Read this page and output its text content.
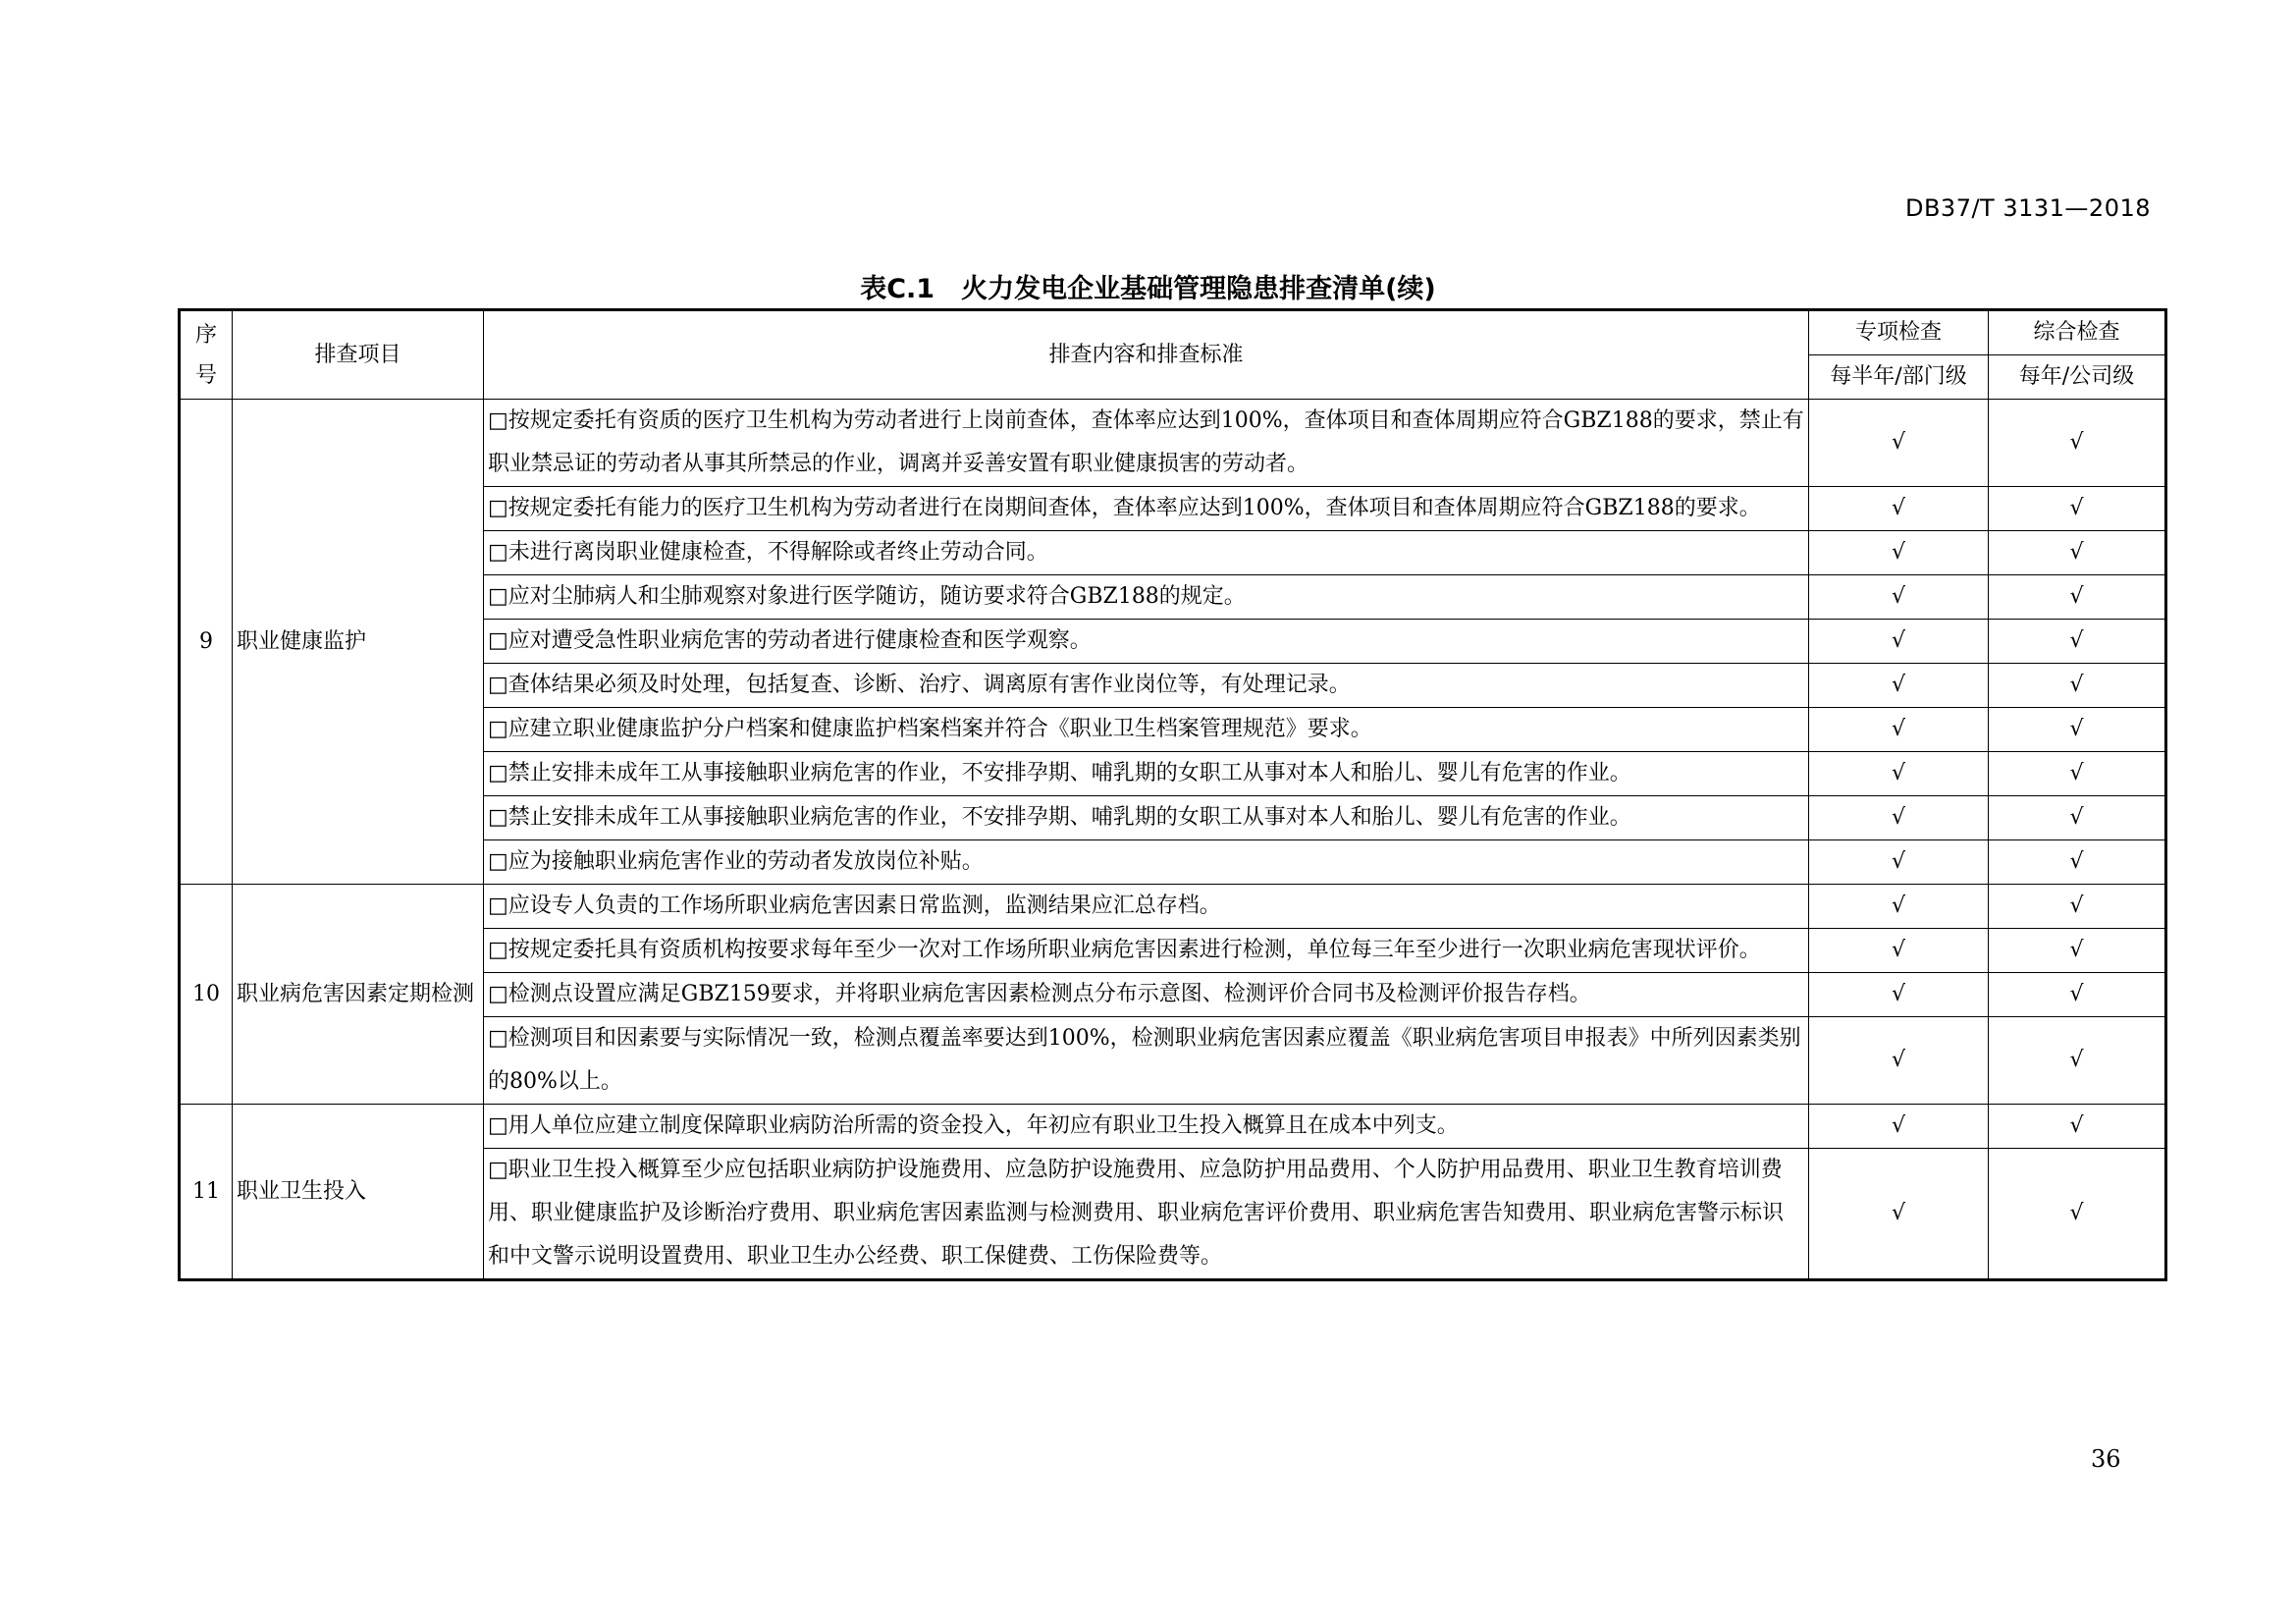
DB37/T 3131—2018
表C.1　火力发电企业基础管理隐患排查清单(续)
序
号	排查项目	排查内容和排查标准	专项检查	综合检查
			每半年/部门级	每年/公司级
9	职业健康监护	□按规定委托有资质的医疗卫生机构为劳动者进行上岗前查体，查体率应达到100%，查体项目和查体周期应符合GBZ188的要求，禁止有职业禁忌证的劳动者从事其所禁忌的作业，调离并妥善安置有职业健康损害的劳动者。	√	√
		□按规定委托有能力的医疗卫生机构为劳动者进行在岗期间查体，查体率应达到100%，查体项目和查体周期应符合GBZ188的要求。	√	√
		□未进行离岗职业健康检查，不得解除或者终止劳动合同。	√	√
		□应对尘肺病人和尘肺观察对象进行医学随访，随访要求符合GBZ188的规定。	√	√
		□应对遭受急性职业病危害的劳动者进行健康检查和医学观察。	√	√
		□查体结果必须及时处理，包括复查、诊断、治疗、调离原有害作业岗位等，有处理记录。	√	√
		□应建立职业健康监护分户档案和健康监护档案档案并符合《职业卫生档案管理规范》要求。	√	√
		□禁止安排未成年工从事接触职业病危害的作业，不安排孕期、哺乳期的女职工从事对本人和胎儿、婴儿有危害的作业。	√	√
		□禁止安排未成年工从事接触职业病危害的作业，不安排孕期、哺乳期的女职工从事对本人和胎儿、婴儿有危害的作业。	√	√
		□应为接触职业病危害作业的劳动者发放岗位补贴。	√	√
10	职业病危害因素定期检测	□应设专人负责的工作场所职业病危害因素日常监测，监测结果应汇总存档。	√	√
		□按规定委托具有资质机构按要求每年至少一次对工作场所职业病危害因素进行检测，单位每三年至少进行一次职业病危害现状评价。	√	√
		□检测点设置应满足GBZ159要求，并将职业病危害因素检测点分布示意图、检测评价合同书及检测评价报告存档。	√	√
		□检测项目和因素要与实际情况一致，检测点覆盖率要达到100%，检测职业病危害因素应覆盖《职业病危害项目申报表》中所列因素类别的80%以上。	√	√
11	职业卫生投入	□用人单位应建立制度保障职业病防治所需的资金投入，年初应有职业卫生投入概算且在成本中列支。	√	√
		□职业卫生投入概算至少应包括职业病防护设施费用、应急防护设施费用、应急防护用品费用、个人防护用品费用、职业卫生教育培训费用、职业健康监护及诊断治疗费用、职业病危害因素监测与检测费用、职业病危害评价费用、职业病危害告知费用、职业病危害警示标识和中文警示说明设置费用、职业卫生办公经费、职工保健费、工伤保险费等。	√	√
36
